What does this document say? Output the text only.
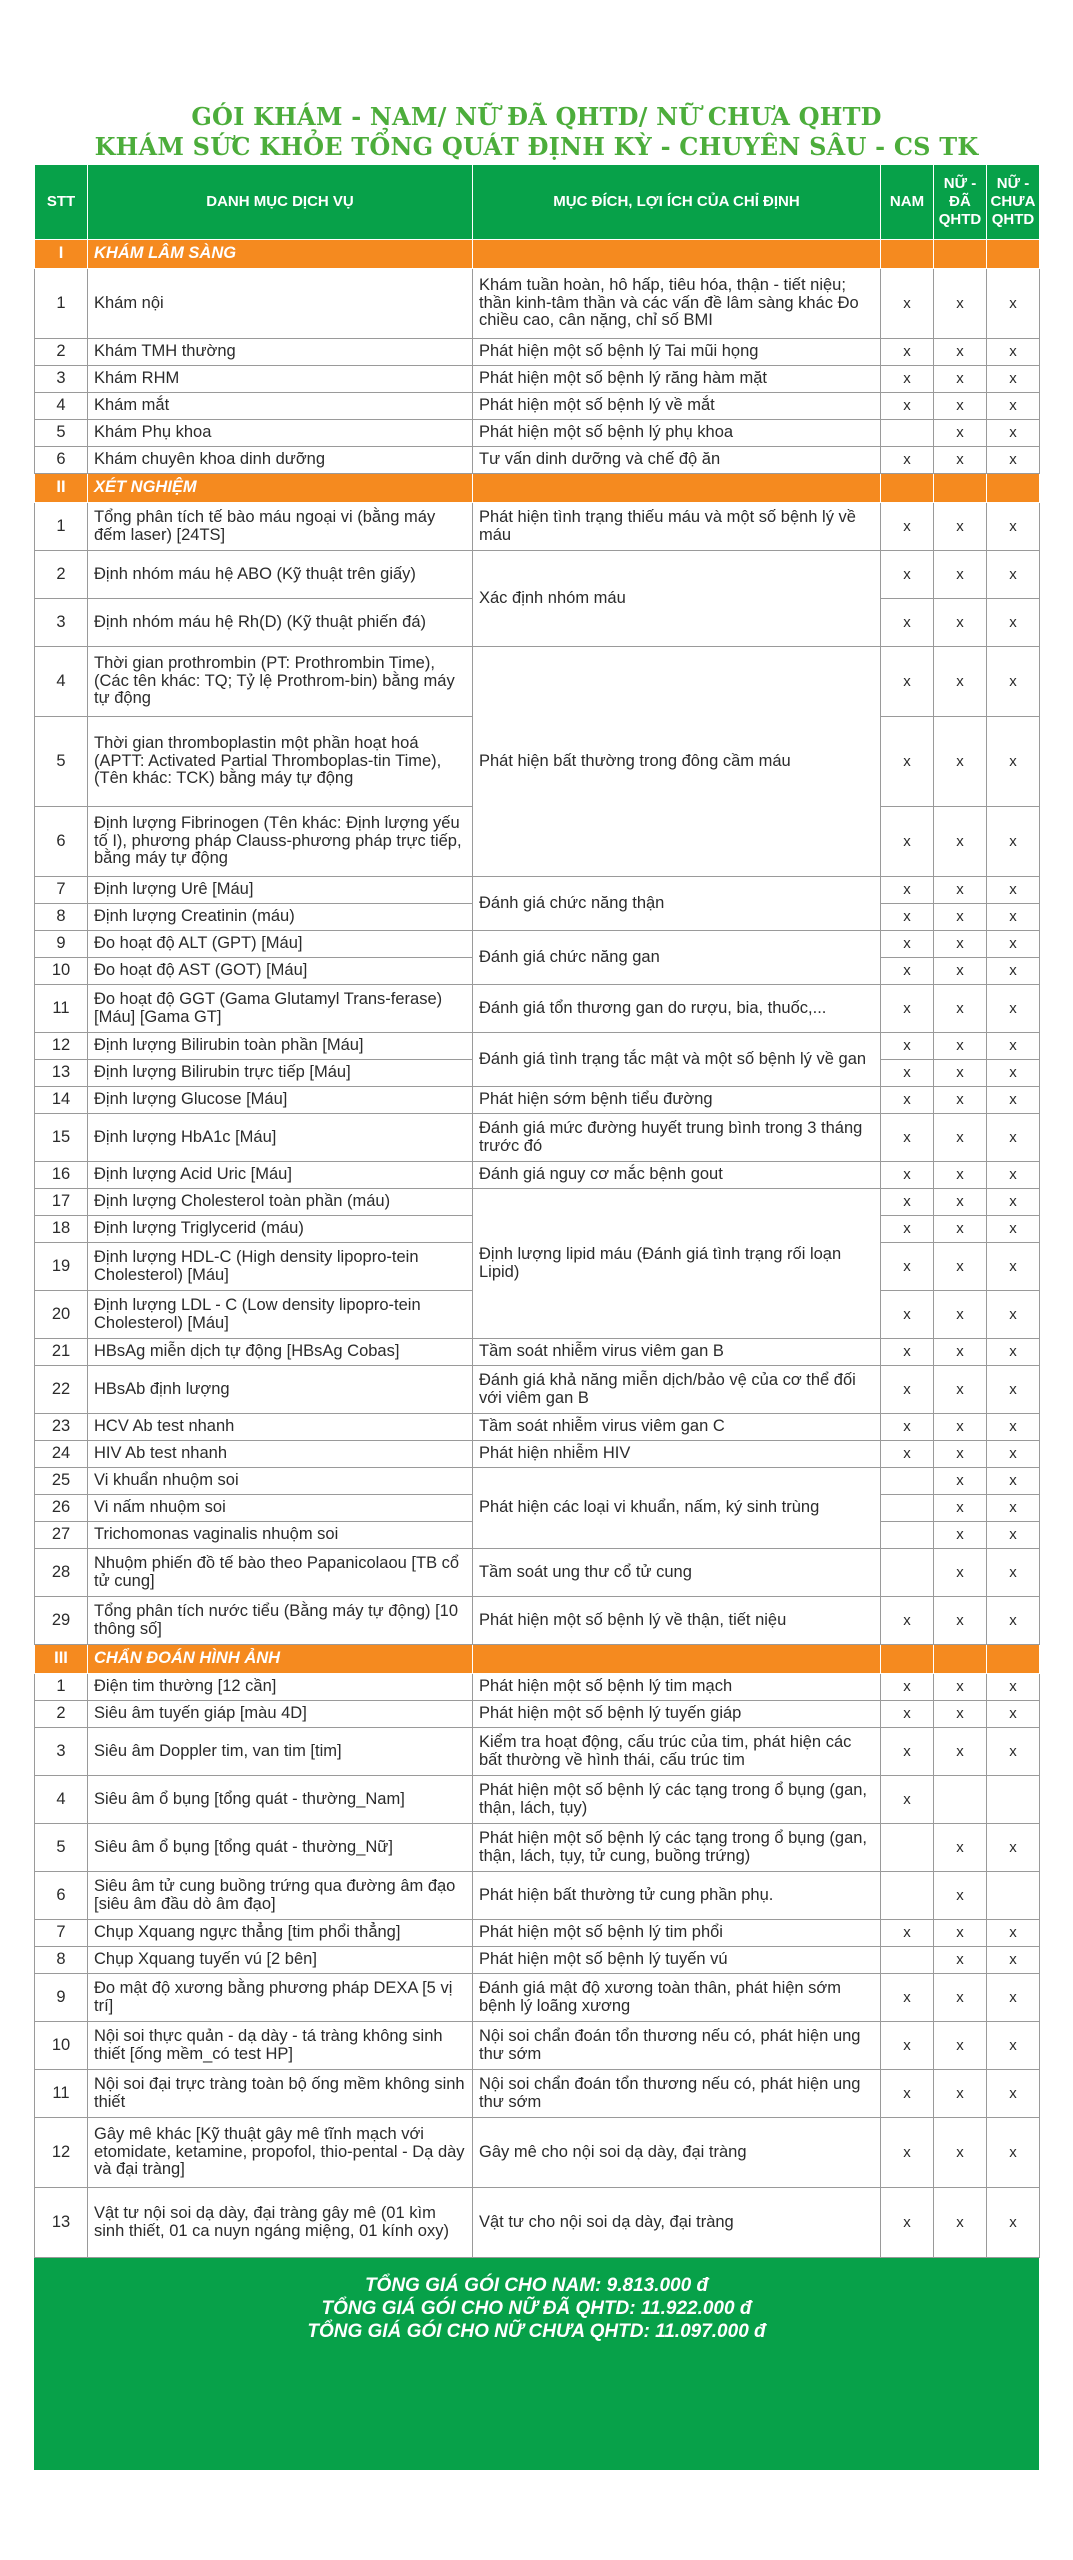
GÓI KHÁM - NAM/ NỮ ĐÃ QHTD/ NỮ CHƯA QHTD
KHÁM SỨC KHỎE TỔNG QUÁT ĐỊNH KỲ - CHUYÊN SÂU - CS TK
STT	DANH MỤC DỊCH VỤ	MỤC ĐÍCH, LỢI ÍCH CỦA CHỈ ĐỊNH	NAM	NỮ - ĐÃ QHTD	NỮ - CHƯA QHTD
I	KHÁM LÂM SÀNG				
1	Khám nội	Khám tuần hoàn, hô hấp, tiêu hóa, thận - tiết niệu; thần kinh-tâm thần và các vấn đề lâm sàng khác Đo chiều cao, cân nặng, chỉ số BMI	x	x	x
2	Khám TMH thường	Phát hiện một số bệnh lý Tai mũi họng	x	x	x
3	Khám RHM	Phát hiện một số bệnh lý răng hàm mặt	x	x	x
4	Khám mắt	Phát hiện một số bệnh lý về mắt	x	x	x
5	Khám Phụ khoa	Phát hiện một số bệnh lý phụ khoa		x	x
6	Khám chuyên khoa dinh dưỡng	Tư vấn dinh dưỡng và chế độ ăn	x	x	x
II	XÉT NGHIỆM				
1	Tổng phân tích tế bào máu ngoại vi (bằng máy đếm laser) [24TS]	Phát hiện tình trạng thiếu máu và một số bệnh lý về máu	x	x	x
2	Định nhóm máu hệ ABO (Kỹ thuật trên giấy)	Xác định nhóm máu	x	x	x
3	Định nhóm máu hệ Rh(D) (Kỹ thuật phiến đá)		x	x	x
4	Thời gian prothrombin (PT: Prothrombin Time), (Các tên khác: TQ; Tỷ lệ Prothrom-bin) bằng máy tự động	Phát hiện bất thường trong đông cầm máu	x	x	x
5	Thời gian thromboplastin một phần hoạt hoá (APTT: Activated Partial Thromboplas-tin Time), (Tên khác: TCK) bằng máy tự động		x	x	x
6	Định lượng Fibrinogen (Tên khác: Định lượng yếu tố I), phương pháp Clauss-phương pháp trực tiếp, bằng máy tự động		x	x	x
7	Định lượng Urê [Máu]	Đánh giá chức năng thận	x	x	x
8	Định lượng Creatinin (máu)		x	x	x
9	Đo hoạt độ ALT (GPT) [Máu]	Đánh giá chức năng gan	x	x	x
10	Đo hoạt độ AST (GOT) [Máu]		x	x	x
11	Đo hoạt độ GGT (Gama Glutamyl Trans-ferase) [Máu] [Gama GT]	Đánh giá tổn thương gan do rượu, bia, thuốc,...	x	x	x
12	Định lượng Bilirubin toàn phần [Máu]	Đánh giá tình trạng tắc mật và một số bệnh lý về gan	x	x	x
13	Định lượng Bilirubin trực tiếp [Máu]		x	x	x
14	Định lượng Glucose [Máu]	Phát hiện sớm bệnh tiểu đường	x	x	x
15	Định lượng HbA1c [Máu]	Đánh giá mức đường huyết trung bình trong 3 tháng trước đó	x	x	x
16	Định lượng Acid Uric [Máu]	Đánh giá nguy cơ mắc bệnh gout	x	x	x
17	Định lượng Cholesterol toàn phần (máu)	Định lượng lipid máu (Đánh giá tình trạng rối loạn Lipid)	x	x	x
18	Định lượng Triglycerid (máu)		x	x	x
19	Định lượng HDL-C (High density lipopro-tein Cholesterol) [Máu]		x	x	x
20	Định lượng LDL - C (Low density lipopro-tein Cholesterol) [Máu]		x	x	x
21	HBsAg miễn dịch tự động [HBsAg Cobas]	Tầm soát nhiễm virus viêm gan B	x	x	x
22	HBsAb định lượng	Đánh giá khả năng miễn dịch/bảo vệ của cơ thể đối với viêm gan B	x	x	x
23	HCV Ab test nhanh	Tầm soát nhiễm virus viêm gan C	x	x	x
24	HIV Ab test nhanh	Phát hiện nhiễm HIV	x	x	x
25	Vi khuẩn nhuộm soi	Phát hiện các loại vi khuẩn, nấm, ký sinh trùng		x	x
26	Vi nấm nhuộm soi			x	x
27	Trichomonas vaginalis nhuộm soi			x	x
28	Nhuộm phiến đồ tế bào theo Papanicolaou [TB cổ tử cung]	Tầm soát ung thư cổ tử cung		x	x
29	Tổng phân tích nước tiểu (Bằng máy tự động) [10 thông số]	Phát hiện một số bệnh lý về thận, tiết niệu	x	x	x
III	CHẨN ĐOÁN HÌNH ẢNH				
1	Điện tim thường [12 cần]	Phát hiện một số bệnh lý tim mạch	x	x	x
2	Siêu âm tuyến giáp [màu 4D]	Phát hiện một số bệnh lý tuyến giáp	x	x	x
3	Siêu âm Doppler tim, van tim [tim]	Kiểm tra hoạt động, cấu trúc của tim, phát hiện các bất thường về hình thái, cấu trúc tim	x	x	x
4	Siêu âm ổ bụng [tổng quát - thường_Nam]	Phát hiện một số bệnh lý các tạng trong ổ bụng (gan, thận, lách, tụy)	x		
5	Siêu âm ổ bụng [tổng quát - thường_Nữ]	Phát hiện một số bệnh lý các tạng trong ổ bụng (gan, thận, lách, tụy, tử cung, buồng trứng)		x	x
6	Siêu âm tử cung buồng trứng qua đường âm đạo [siêu âm đầu dò âm đạo]	Phát hiện bất thường tử cung phần phụ.		x	
7	Chụp Xquang ngực thẳng [tim phổi thẳng]	Phát hiện một số bệnh lý tim phổi	x	x	x
8	Chụp Xquang tuyến vú [2 bên]	Phát hiện một số bệnh lý tuyến vú		x	x
9	Đo mật độ xương bằng phương pháp DEXA [5 vị trí]	Đánh giá mật độ xương toàn thân, phát hiện sớm bệnh lý loãng xương	x	x	x
10	Nội soi thực quản - dạ dày - tá tràng không sinh thiết [ống mềm_có test HP]	Nội soi chẩn đoán tổn thương nếu có, phát hiện ung thư sớm	x	x	x
11	Nội soi đại trực tràng toàn bộ ống mềm không sinh thiết	Nội soi chẩn đoán tổn thương nếu có, phát hiện ung thư sớm	x	x	x
12	Gây mê khác [Kỹ thuật gây mê tĩnh mạch với etomidate, ketamine, propofol, thio-pental - Dạ dày và đại tràng]	Gây mê cho nội soi dạ dày, đại tràng	x	x	x
13	Vật tư nội soi dạ dày, đại tràng gây mê (01 kìm sinh thiết, 01 ca nuyn ngáng miệng, 01 kính oxy)	Vật tư cho nội soi dạ dày, đại tràng	x	x	x
TỔNG GIÁ GÓI CHO NAM: 9.813.000 đ
TỔNG GIÁ GÓI CHO NỮ ĐÃ QHTD: 11.922.000 đ
TỔNG GIÁ GÓI CHO NỮ CHƯA QHTD: 11.097.000 đ
